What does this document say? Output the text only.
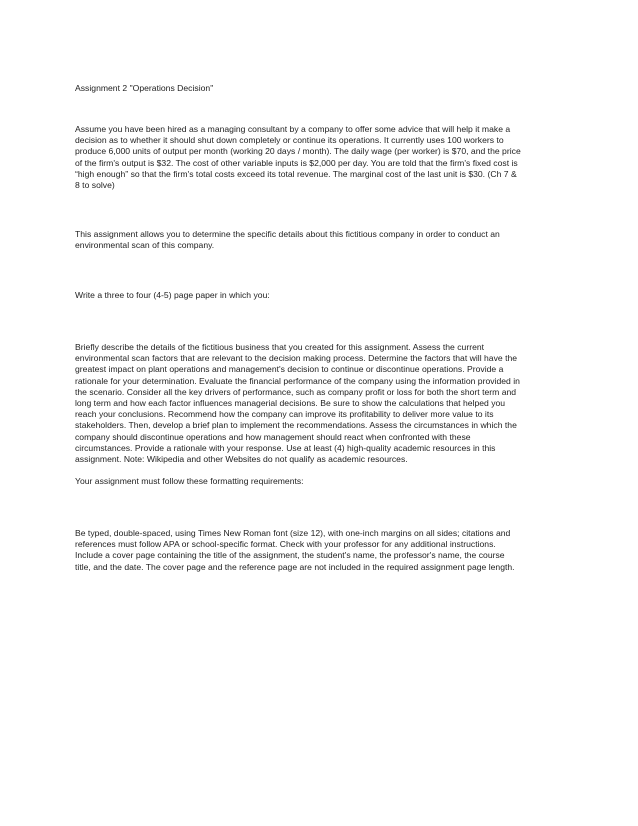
Assignment 2 "Operations Decision"

Assume you have been hired as a managing consultant by a company to offer some advice that will help it make a
decision as to whether it should shut down completely or continue its operations. It currently uses 100 workers to
produce 6,000 units of output per month (working 20 days / month). The daily wage (per worker) is $70, and the price
of the firm's output is $32. The cost of other variable inputs is $2,000 per day. You are told that the firm's fixed cost is
“high enough” so that the firm's total costs exceed its total revenue. The marginal cost of the last unit is $30. (Ch 7 &
8 to solve)

This assignment allows you to determine the specific details about this fictitious company in order to conduct an
environmental scan of this company.

Write a three to four (4-5) page paper in which you:

Briefly describe the details of the fictitious business that you created for this assignment. Assess the current
environmental scan factors that are relevant to the decision making process. Determine the factors that will have the
greatest impact on plant operations and management's decision to continue or discontinue operations. Provide a
rationale for your determination. Evaluate the financial performance of the company using the information provided in
the scenario. Consider all the key drivers of performance, such as company profit or loss for both the short term and
long term and how each factor influences managerial decisions. Be sure to show the calculations that helped you
reach your conclusions. Recommend how the company can improve its profitability to deliver more value to its
stakeholders. Then, develop a brief plan to implement the recommendations. Assess the circumstances in which the
company should discontinue operations and how management should react when confronted with these
circumstances. Provide a rationale with your response. Use at least (4) high-quality academic resources in this
assignment. Note: Wikipedia and other Websites do not qualify as academic resources.

Your assignment must follow these formatting requirements:

Be typed, double-spaced, using Times New Roman font (size 12), with one-inch margins on all sides; citations and
references must follow APA or school-specific format. Check with your professor for any additional instructions.
Include a cover page containing the title of the assignment, the student's name, the professor's name, the course
title, and the date. The cover page and the reference page are not included in the required assignment page length.
